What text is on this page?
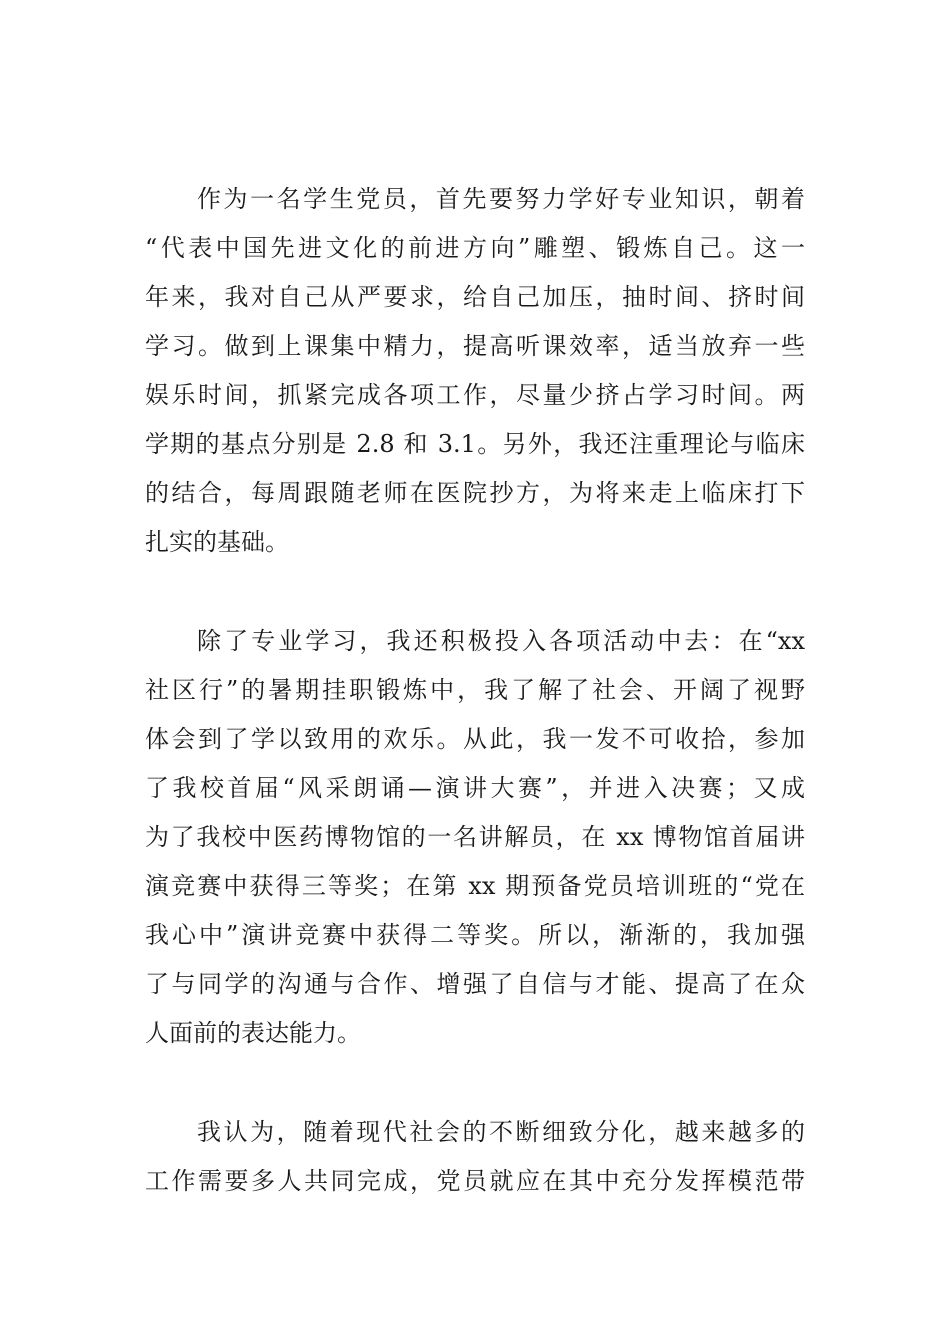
作为一名学生党员，首先要努力学好专业知识，朝着
“代表中国先进文化的前进方向”雕塑、锻炼自己。这一
年来，我对自己从严要求，给自己加压，抽时间、挤时间
学习。做到上课集中精力，提高听课效率，适当放弃一些
娱乐时间，抓紧完成各项工作，尽量少挤占学习时间。两
学期的基点分别是 2.8 和 3.1。另外，我还注重理论与临床
的结合，每周跟随老师在医院抄方，为将来走上临床打下
扎实的基础。
除了专业学习，我还积极投入各项活动中去：在“xx
社区行”的暑期挂职锻炼中，我了解了社会、开阔了视野
体会到了学以致用的欢乐。从此，我一发不可收拾，参加
了我校首届“风采朗诵—演讲大赛”，并进入决赛；又成
为了我校中医药博物馆的一名讲解员，在 xx 博物馆首届讲
演竞赛中获得三等奖；在第 xx 期预备党员培训班的“党在
我心中”演讲竞赛中获得二等奖。所以，渐渐的，我加强
了与同学的沟通与合作、增强了自信与才能、提高了在众
人面前的表达能力。
我认为，随着现代社会的不断细致分化，越来越多的
工作需要多人共同完成，党员就应在其中充分发挥模范带
